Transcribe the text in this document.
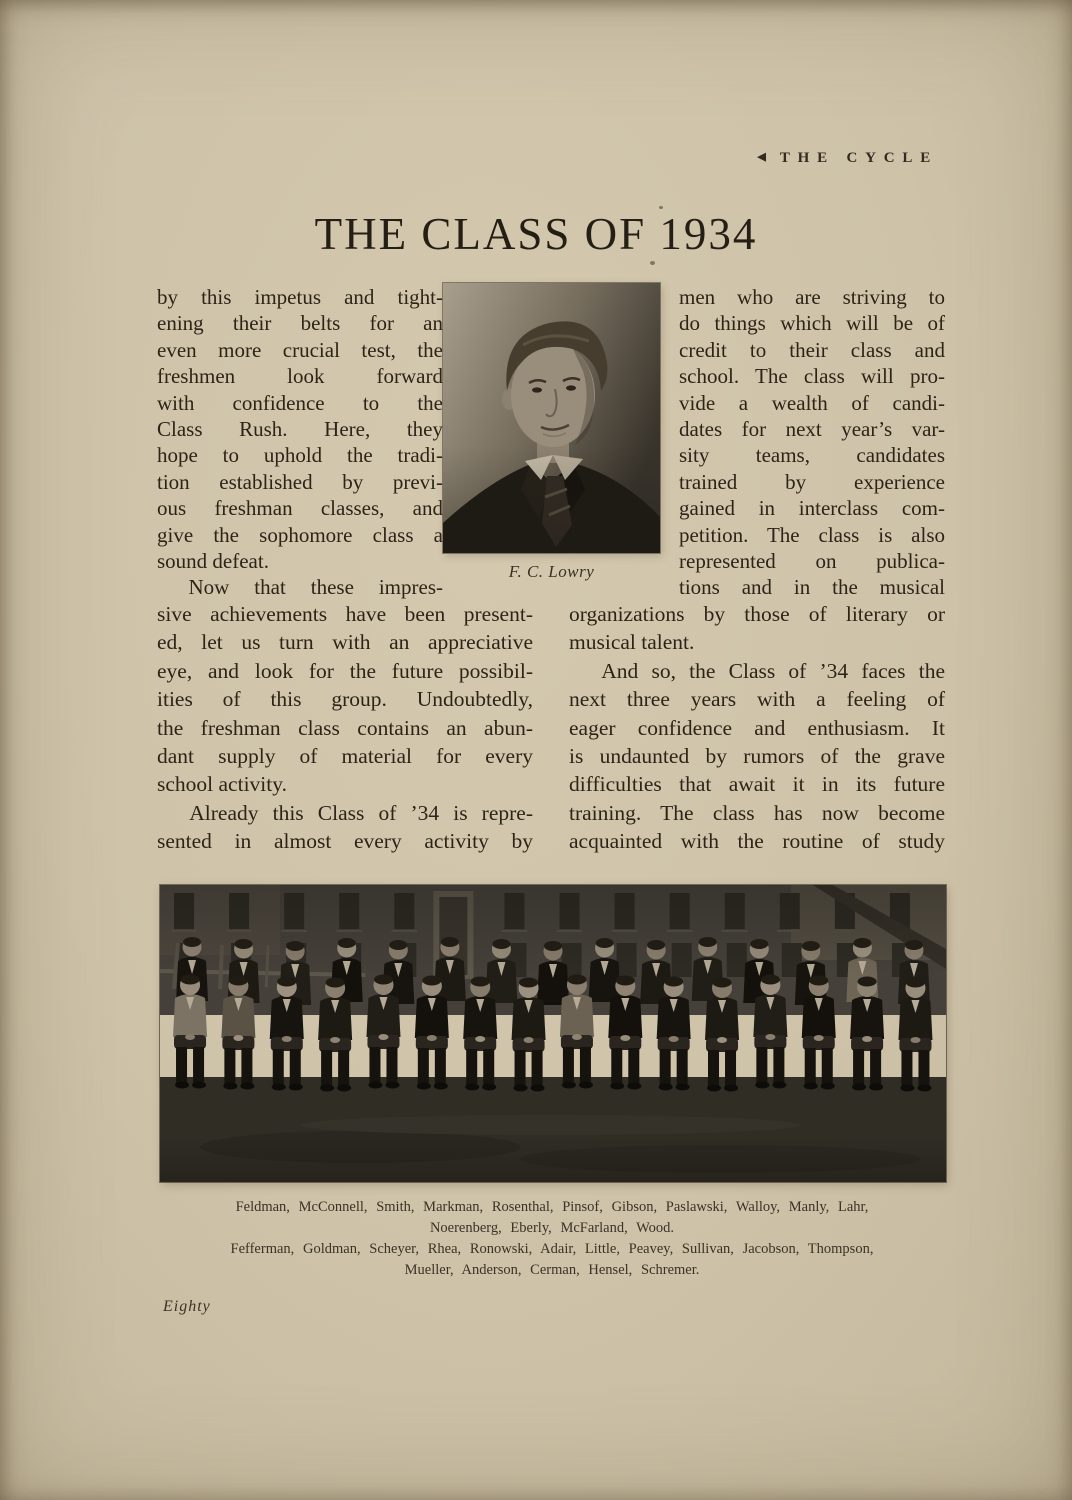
◀ THE CYCLE
THE CLASS OF 1934
by this impetus and tight-
ening their belts for an
even more crucial test, the
freshmen look forward
with confidence to the
Class Rush. Here, they
hope to uphold the tradi-
tion established by previ-
ous freshman classes, and
give the sophomore class a
sound defeat.
Now that these impres-
F. C. Lowry
men who are striving to
do things which will be of
credit to their class and
school. The class will pro-
vide a wealth of candi-
dates for next year’s var-
sity teams, candidates
trained by experience
gained in interclass com-
petition. The class is also
represented on publica-
tions and in the musical
sive achievements have been present-
ed, let us turn with an appreciative
eye, and look for the future possibil-
ities of this group. Undoubtedly,
the freshman class contains an abun-
dant supply of material for every
school activity.
Already this Class of ’34 is repre-
sented in almost every activity by
organizations by those of literary or
musical talent.
And so, the Class of ’34 faces the
next three years with a feeling of
eager confidence and enthusiasm. It
is undaunted by rumors of the grave
difficulties that await it in its future
training. The class has now become
acquainted with the routine of study
Feldman, McConnell, Smith, Markman, Rosenthal, Pinsof, Gibson, Paslawski, Walloy, Manly, Lahr,
Noerenberg, Eberly, McFarland, Wood.
Fefferman, Goldman, Scheyer, Rhea, Ronowski, Adair, Little, Peavey, Sullivan, Jacobson, Thompson,
Mueller, Anderson, Cerman, Hensel, Schremer.
Eighty
